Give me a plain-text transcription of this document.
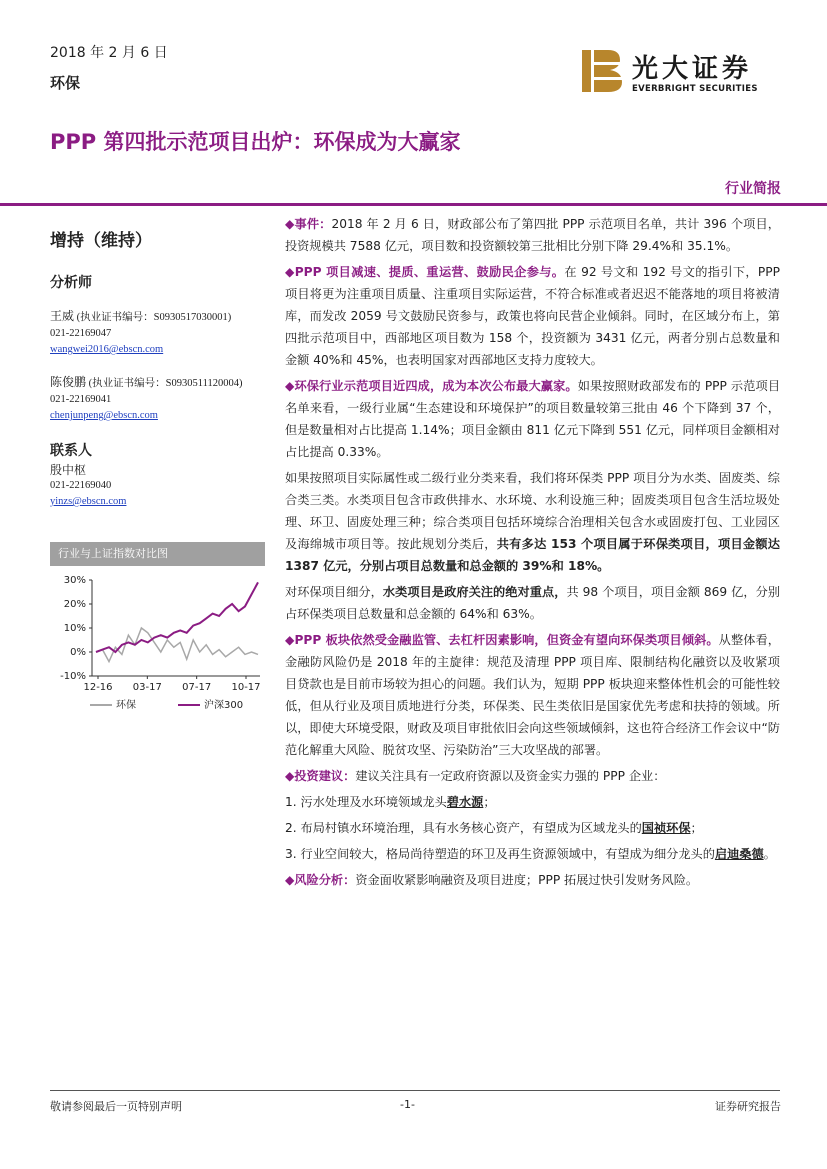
2018 年 2 月 6 日
环保	光大证券
EVERBRIGHT SECURITIES
PPP 第四批示范项目出炉：环保成为大赢家
行业简报
增持（维持）
分析师
王威 (执业证书编号：S0930517030001)
021-22169047
wangwei2016@ebscn.com
陈俊鹏 (执业证书编号：S0930511120004)
021-22169041
chenjunpeng@ebscn.com
联系人
殷中枢
021-22169040
yinzs@ebscn.com
行业与上证指数对比图
30%
20%
10%
0%
-10%
12-16 03-17 07-17 10-17
环保	沪深300

◆事件：2018 年 2 月 6 日，财政部公布了第四批 PPP 示范项目名单，共计 396 个项目，投资规模共 7588 亿元，项目数和投资额较第三批相比分别下降 29.4%和 35.1%。

◆PPP 项目减速、提质、重运营、鼓励民企参与。在 92 号文和 192 号文的指引下，PPP 项目将更为注重项目质量、注重项目实际运营，不符合标准或者迟迟不能落地的项目将被清库，而发改 2059 号文鼓励民资参与，政策也将向民营企业倾斜。同时，在区域分布上，第四批示范项目中，西部地区项目数为 158 个，投资额为 3431 亿元，两者分别占总数量和金额 40%和 45%，也表明国家对西部地区支持力度较大。

◆环保行业示范项目近四成，成为本次公布最大赢家。如果按照财政部发布的 PPP 示范项目名单来看，一级行业属“生态建设和环境保护”的项目数量较第三批由 46 个下降到 37 个，但是数量相对占比提高 1.14%；项目金额由 811 亿元下降到 551 亿元，同样项目金额相对占比提高 0.33%。

如果按照项目实际属性或二级行业分类来看，我们将环保类 PPP 项目分为水类、固废类、综合类三类。水类项目包含市政供排水、水环境、水利设施三种；固废类项目包含生活垃圾处理、环卫、固废处理三种；综合类项目包括环境综合治理相关包含水或固废打包、工业园区及海绵城市项目等。按此规划分类后，共有多达 153 个项目属于环保类项目，项目金额达 1387 亿元，分别占项目总数量和总金额的 39%和 18%。

对环保项目细分，水类项目是政府关注的绝对重点，共 98 个项目，项目金额 869 亿，分别占环保类项目总数量和总金额的 64%和 63%。

◆PPP 板块依然受金融监管、去杠杆因素影响，但资金有望向环保类项目倾斜。从整体看，金融防风险仍是 2018 年的主旋律：规范及清理 PPP 项目库、限制结构化融资以及收紧项目贷款也是目前市场较为担心的问题。我们认为，短期 PPP 板块迎来整体性机会的可能性较低，但从行业及项目质地进行分类，环保类、民生类依旧是国家优先考虑和扶持的领域。所以，即使大环境受限，财政及项目审批依旧会向这些领域倾斜，这也符合经济工作会议中“防范化解重大风险、脱贫攻坚、污染防治”三大攻坚战的部署。

◆投资建议：建议关注具有一定政府资源以及资金实力强的 PPP 企业：

1. 污水处理及水环境领域龙头碧水源；

2. 布局村镇水环境治理，具有水务核心资产，有望成为区域龙头的国祯环保；

3. 行业空间较大，格局尚待塑造的环卫及再生资源领域中，有望成为细分龙头的启迪桑德。

◆风险分析：资金面收紧影响融资及项目进度；PPP 拓展过快引发财务风险。

敬请参阅最后一页特别声明	-1-	证券研究报告
